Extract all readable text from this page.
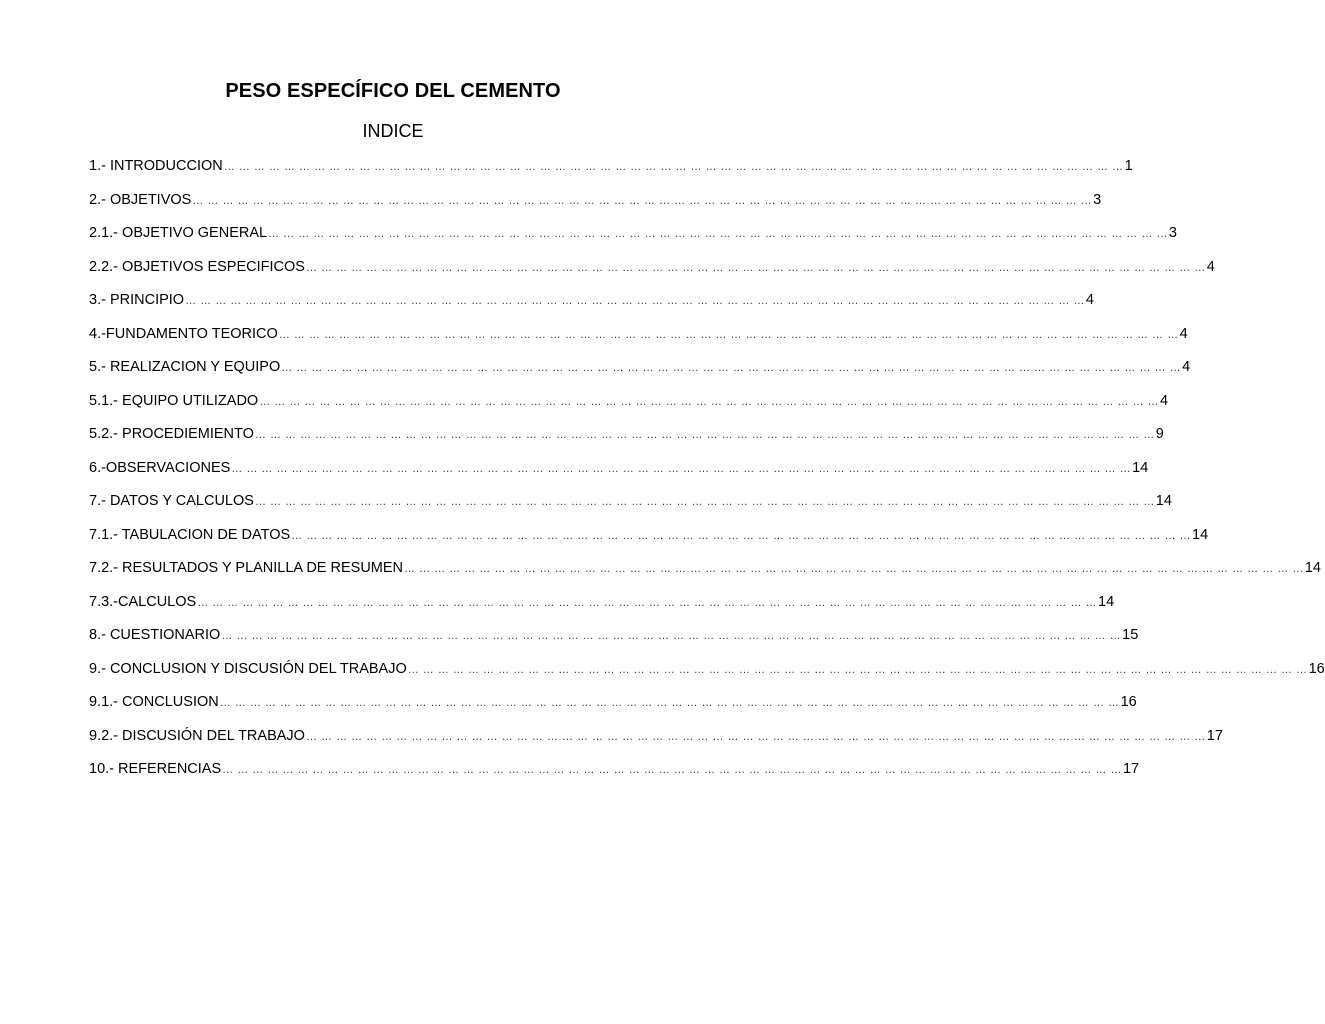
PESO ESPECÍFICO DEL CEMENTO
INDICE
1.- INTRODUCCION … … … … … … … … … … … … … … … … … … … … … … … … … … … … … … … … … … … … … … … … … … … … … … … … … … … … … … … … … … … … 1
2.- OBJETIVOS … … … … … … … … … … … … … … … … … … … … … … … … … … … … … … … … … … … … … … … … … … … … … … … … … … … … … … … … … … … … 3
2.1.- OBJETIVO GENERAL … … … … … … … … … … … … … … … … … … … … … … … … … … … … … … … … … … … … … … … … … … … … … … … … … … … … … … … … … … … … 3
2.2.- OBJETIVOS ESPECIFICOS … … … … … … … … … … … … … … … … … … … … … … … … … … … … … … … … … … … … … … … … … … … … … … … … … … … … … … … … … … … … 4
3.- PRINCIPIO … … … … … … … … … … … … … … … … … … … … … … … … … … … … … … … … … … … … … … … … … … … … … … … … … … … … … … … … … … … … 4
4.-FUNDAMENTO TEORICO … … … … … … … … … … … … … … … … … … … … … … … … … … … … … … … … … … … … … … … … … … … … … … … … … … … … … … … … … … … … 4
5.- REALIZACION Y EQUIPO … … … … … … … … … … … … … … … … … … … … … … … … … … … … … … … … … … … … … … … … … … … … … … … … … … … … … … … … … … … … 4
5.1.- EQUIPO UTILIZADO … … … … … … … … … … … … … … … … … … … … … … … … … … … … … … … … … … … … … … … … … … … … … … … … … … … … … … … … … … … … 4
5.2.- PROCEDIEMIENTO … … … … … … … … … … … … … … … … … … … … … … … … … … … … … … … … … … … … … … … … … … … … … … … … … … … … … … … … … … … … 9
6.-OBSERVACIONES … … … … … … … … … … … … … … … … … … … … … … … … … … … … … … … … … … … … … … … … … … … … … … … … … … … … … … … … … … … … 14
7.- DATOS Y CALCULOS … … … … … … … … … … … … … … … … … … … … … … … … … … … … … … … … … … … … … … … … … … … … … … … … … … … … … … … … … … … … 14
7.1.- TABULACION DE DATOS … … … … … … … … … … … … … … … … … … … … … … … … … … … … … … … … … … … … … … … … … … … … … … … … … … … … … … … … … … … … 14
7.2.- RESULTADOS Y PLANILLA DE RESUMEN … … … … … … … … … … … … … … … … … … … … … … … … … … … … … … … … … … … … … … … … … … … … … … … … … … … … … … … … … … … … 14
7.3.-CALCULOS … … … … … … … … … … … … … … … … … … … … … … … … … … … … … … … … … … … … … … … … … … … … … … … … … … … … … … … … … … … … 14
8.- CUESTIONARIO … … … … … … … … … … … … … … … … … … … … … … … … … … … … … … … … … … … … … … … … … … … … … … … … … … … … … … … … … … … … 15
9.- CONCLUSION Y DISCUSIÓN DEL TRABAJO … … … … … … … … … … … … … … … … … … … … … … … … … … … … … … … … … … … … … … … … … … … … … … … … … … … … … … … … … … … … 16
9.1.- CONCLUSION … … … … … … … … … … … … … … … … … … … … … … … … … … … … … … … … … … … … … … … … … … … … … … … … … … … … … … … … … … … … 16
9.2.- DISCUSIÓN DEL TRABAJO … … … … … … … … … … … … … … … … … … … … … … … … … … … … … … … … … … … … … … … … … … … … … … … … … … … … … … … … … … … … 17
10.- REFERENCIAS … … … … … … … … … … … … … … … … … … … … … … … … … … … … … … … … … … … … … … … … … … … … … … … … … … … … … … … … … … … … 17
